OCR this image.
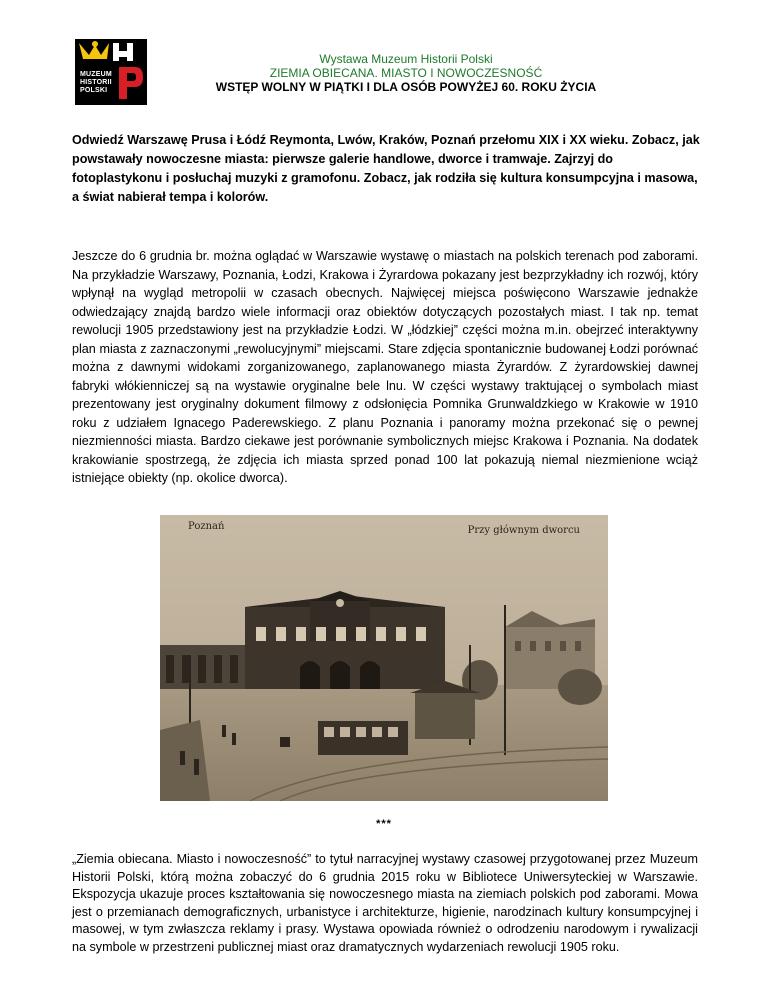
MUZEUM
HISTORII
POLSKI
Wystawa Muzeum Historii Polski
ZIEMIA OBIECANA. MIASTO I NOWOCZESNOŚĆ
WSTĘP WOLNY W PIĄTKI I DLA OSÓB POWYŻEJ 60. ROKU ŻYCIA

Odwiedź Warszawę Prusa i Łódź Reymonta, Lwów, Kraków, Poznań przełomu XIX i XX wieku. Zobacz, jak powstawały nowoczesne miasta: pierwsze galerie handlowe, dworce i tramwaje. Zajrzyj do fotoplastykonu i posłuchaj muzyki z gramofonu. Zobacz, jak rodziła się kultura konsumpcyjna i masowa, a świat nabierał tempa i kolorów.

Jeszcze do 6 grudnia br. można oglądać w Warszawie wystawę o miastach na polskich terenach pod zaborami. Na przykładzie Warszawy, Poznania, Łodzi, Krakowa i Żyrardowa pokazany jest bezprzykładny ich rozwój, który wpłynął na wygląd metropolii w czasach obecnych. Najwięcej miejsca poświęcono Warszawie jednakże odwiedzający znajdą bardzo wiele informacji oraz obiektów dotyczących pozostałych miast. I tak np. temat rewolucji 1905 przedstawiony jest na przykładzie Łodzi. W „łódzkiej” części można m.in. obejrzeć interaktywny plan miasta z zaznaczonymi „rewolucyjnymi” miejscami. Stare zdjęcia spontanicznie budowanej Łodzi porównać można z dawnymi widokami zorganizowanego, zaplanowanego miasta Żyrardów. Z żyrardowskiej dawnej fabryki włókienniczej są na wystawie oryginalne bele lnu. W części wystawy traktującej o symbolach miast prezentowany jest oryginalny dokument filmowy z odsłonięcia Pomnika Grunwaldzkiego w Krakowie w 1910 roku z udziałem Ignacego Paderewskiego. Z planu Poznania i panoramy można przekonać się o pewnej niezmienności miasta. Bardzo ciekawe jest porównanie symbolicznych miejsc Krakowa i Poznania. Na dodatek krakowianie spostrzegą, że zdjęcia ich miasta sprzed ponad 100 lat pokazują niemal niezmienione wciąż istniejące obiekty (np. okolice dworca).

Poznań	Przy głównym dworcu
***

„Ziemia obiecana. Miasto i nowoczesność” to tytuł narracyjnej wystawy czasowej przygotowanej przez Muzeum Historii Polski, którą można zobaczyć do 6 grudnia 2015 roku w Bibliotece Uniwersyteckiej w Warszawie. Ekspozycja ukazuje proces kształtowania się nowoczesnego miasta na ziemiach polskich pod zaborami. Mowa jest o przemianach demograficznych, urbanistyce i architekturze, higienie, narodzinach kultury konsumpcyjnej i masowej, w tym zwłaszcza reklamy i prasy. Wystawa opowiada również o odrodzeniu narodowym i rywalizacji na symbole w przestrzeni publicznej miast oraz dramatycznych wydarzeniach rewolucji 1905 roku.
